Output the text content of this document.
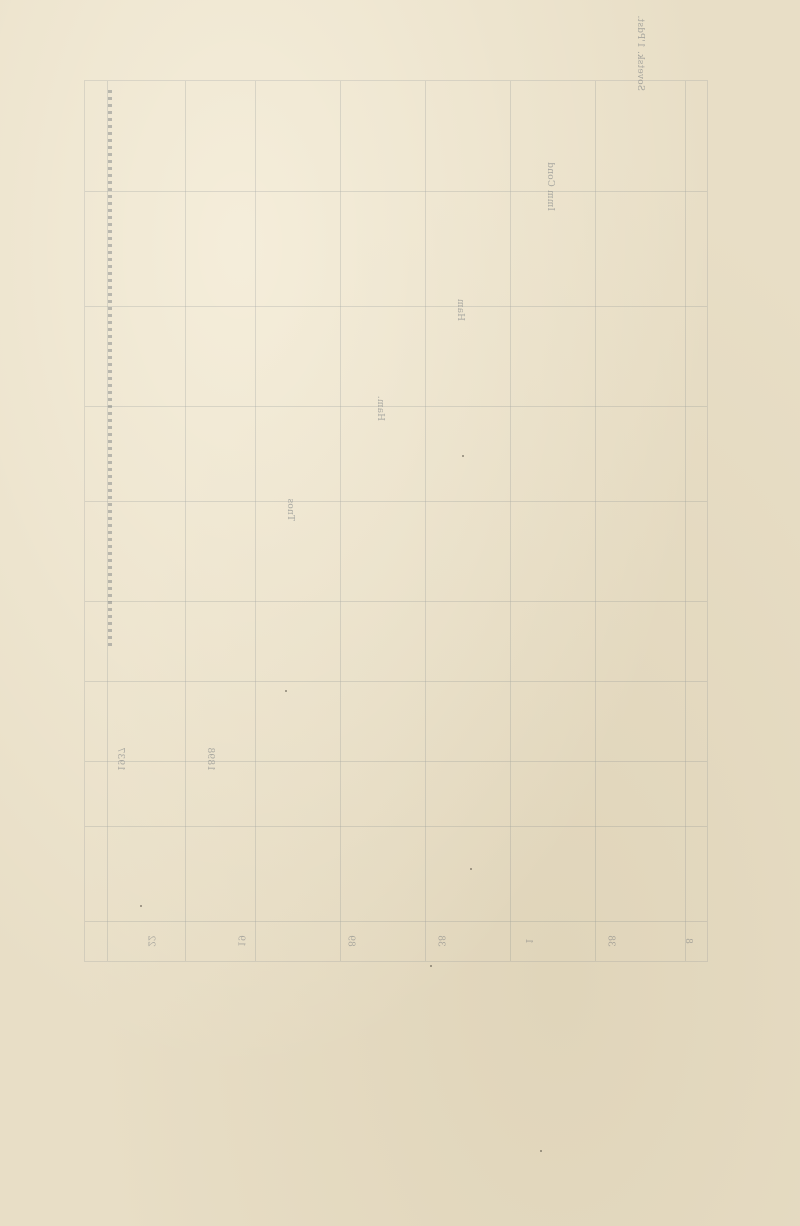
Sovetsk. 1'Pdst.
Imm Cond
Ham
Ham.
Tnos
1898
1937
8
38
1
38
89
19
22
